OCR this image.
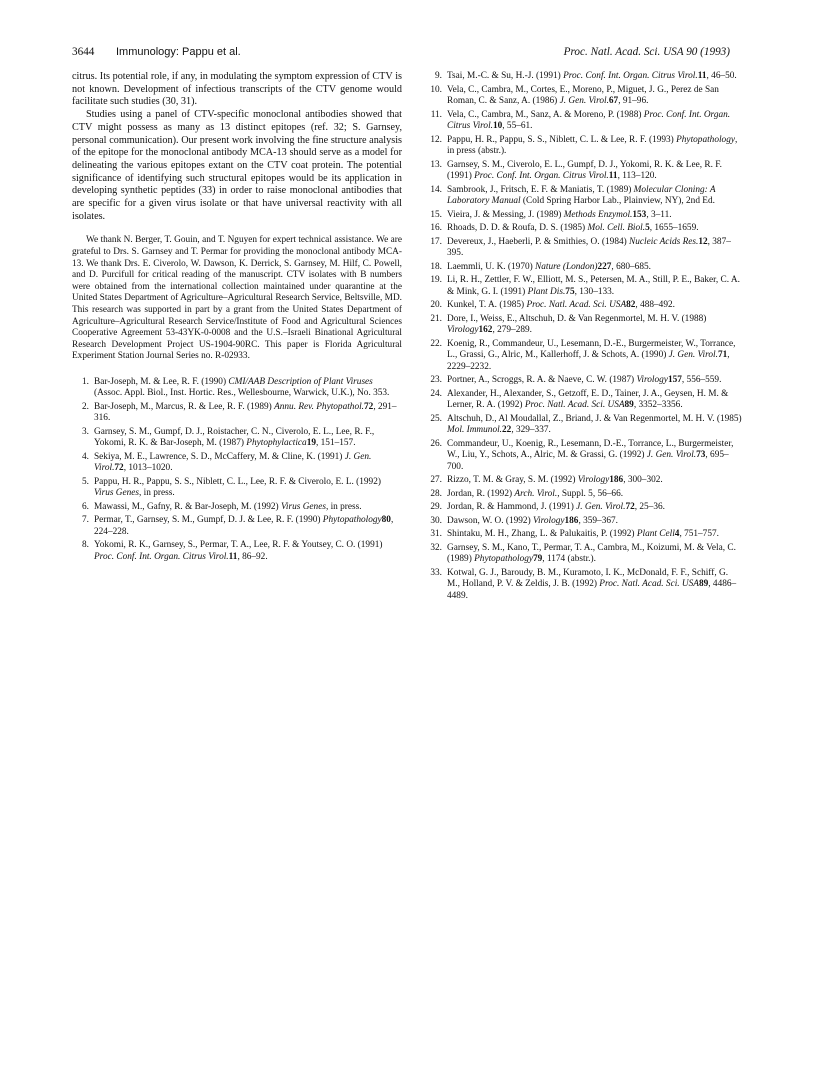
3644 Immunology: Pappu et al.	Proc. Natl. Acad. Sci. USA 90 (1993)

citrus. Its potential role, if any, in modulating the symptom expression of CTV is not known. Development of infectious transcripts of the CTV genome would facilitate such studies (30, 31).

Studies using a panel of CTV-specific monoclonal antibodies showed that CTV might possess as many as 13 distinct epitopes (ref. 32; S. Garnsey, personal communication). Our present work involving the fine structure analysis of the epitope for the monoclonal antibody MCA-13 should serve as a model for delineating the various epitopes extant on the CTV coat protein. The potential significance of identifying such structural epitopes would be its application in developing synthetic peptides (33) in order to raise monoclonal antibodies that are specific for a given virus isolate or that have universal reactivity with all isolates.

We thank N. Berger, T. Gouin, and T. Nguyen for expert technical assistance. We are grateful to Drs. S. Garnsey and T. Permar for providing the monoclonal antibody MCA-13. We thank Drs. E. Civerolo, W. Dawson, K. Derrick, S. Garnsey, M. Hilf, C. Powell, and D. Purcifull for critical reading of the manuscript. CTV isolates with B numbers were obtained from the international collection maintained under quarantine at the United States Department of Agriculture–Agricultural Research Service, Beltsville, MD. This research was supported in part by a grant from the United States Department of Agriculture–Agricultural Research Service/Institute of Food and Agricultural Sciences Cooperative Agreement 53-43YK-0-0008 and the U.S.–Israeli Binational Agricultural Research Development Project US-1904-90RC. This paper is Florida Agricultural Experiment Station Journal Series no. R-02933.

1. Bar-Joseph, M. & Lee, R. F. (1990) CMI/AAB Description of Plant Viruses (Assoc. Appl. Biol., Inst. Hortic. Res., Wellesbourne, Warwick, U.K.), No. 353.
2. Bar-Joseph, M., Marcus, R. & Lee, R. F. (1989) Annu. Rev. Phytopathol.72, 291–316.
3. Garnsey, S. M., Gumpf, D. J., Roistacher, C. N., Civerolo, E. L., Lee, R. F., Yokomi, R. K. & Bar-Joseph, M. (1987) Phytophylactica19, 151–157.
4. Sekiya, M. E., Lawrence, S. D., McCaffery, M. & Cline, K. (1991) J. Gen. Virol.72, 1013–1020.
5. Pappu, H. R., Pappu, S. S., Niblett, C. L., Lee, R. F. & Civerolo, E. L. (1992) Virus Genes, in press.
6. Mawassi, M., Gafny, R. & Bar-Joseph, M. (1992) Virus Genes, in press.
7. Permar, T., Garnsey, S. M., Gumpf, D. J. & Lee, R. F. (1990) Phytopathology80, 224–228.
8. Yokomi, R. K., Garnsey, S., Permar, T. A., Lee, R. F. & Youtsey, C. O. (1991) Proc. Conf. Int. Organ. Citrus Virol.11, 86–92.
9. Tsai, M.-C. & Su, H.-J. (1991) Proc. Conf. Int. Organ. Citrus Virol.11, 46–50.
10. Vela, C., Cambra, M., Cortes, E., Moreno, P., Miguet, J. G., Perez de San Roman, C. & Sanz, A. (1986) J. Gen. Virol.67, 91–96.
11. Vela, C., Cambra, M., Sanz, A. & Moreno, P. (1988) Proc. Conf. Int. Organ. Citrus Virol.10, 55–61.
12. Pappu, H. R., Pappu, S. S., Niblett, C. L. & Lee, R. F. (1993) Phytopathology, in press (abstr.).
13. Garnsey, S. M., Civerolo, E. L., Gumpf, D. J., Yokomi, R. K. & Lee, R. F. (1991) Proc. Conf. Int. Organ. Citrus Virol.11, 113–120.
14. Sambrook, J., Fritsch, E. F. & Maniatis, T. (1989) Molecular Cloning: A Laboratory Manual (Cold Spring Harbor Lab., Plainview, NY), 2nd Ed.
15. Vieira, J. & Messing, J. (1989) Methods Enzymol.153, 3–11.
16. Rhoads, D. D. & Roufa, D. S. (1985) Mol. Cell. Biol.5, 1655–1659.
17. Devereux, J., Haeberli, P. & Smithies, O. (1984) Nucleic Acids Res.12, 387–395.
18. Laemmli, U. K. (1970) Nature (London)227, 680–685.
19. Li, R. H., Zettler, F. W., Elliott, M. S., Petersen, M. A., Still, P. E., Baker, C. A. & Mink, G. I. (1991) Plant Dis.75, 130–133.
20. Kunkel, T. A. (1985) Proc. Natl. Acad. Sci. USA82, 488–492.
21. Dore, I., Weiss, E., Altschuh, D. & Van Regenmortel, M. H. V. (1988) Virology162, 279–289.
22. Koenig, R., Commandeur, U., Lesemann, D.-E., Burgermeister, W., Torrance, L., Grassi, G., Alric, M., Kallerhoff, J. & Schots, A. (1990) J. Gen. Virol.71, 2229–2232.
23. Portner, A., Scroggs, R. A. & Naeve, C. W. (1987) Virology157, 556–559.
24. Alexander, H., Alexander, S., Getzoff, E. D., Tainer, J. A., Geysen, H. M. & Lerner, R. A. (1992) Proc. Natl. Acad. Sci. USA89, 3352–3356.
25. Altschuh, D., Al Moudallal, Z., Briand, J. & Van Regenmortel, M. H. V. (1985) Mol. Immunol.22, 329–337.
26. Commandeur, U., Koenig, R., Lesemann, D.-E., Torrance, L., Burgermeister, W., Liu, Y., Schots, A., Alric, M. & Grassi, G. (1992) J. Gen. Virol.73, 695–700.
27. Rizzo, T. M. & Gray, S. M. (1992) Virology186, 300–302.
28. Jordan, R. (1992) Arch. Virol., Suppl. 5, 56–66.
29. Jordan, R. & Hammond, J. (1991) J. Gen. Virol.72, 25–36.
30. Dawson, W. O. (1992) Virology186, 359–367.
31. Shintaku, M. H., Zhang, L. & Palukaitis, P. (1992) Plant Cell4, 751–757.
32. Garnsey, S. M., Kano, T., Permar, T. A., Cambra, M., Koizumi, M. & Vela, C. (1989) Phytopathology79, 1174 (abstr.).
33. Kotwal, G. J., Baroudy, B. M., Kuramoto, I. K., McDonald, F. F., Schiff, G. M., Holland, P. V. & Zeldis, J. B. (1992) Proc. Natl. Acad. Sci. USA89, 4486–4489.
